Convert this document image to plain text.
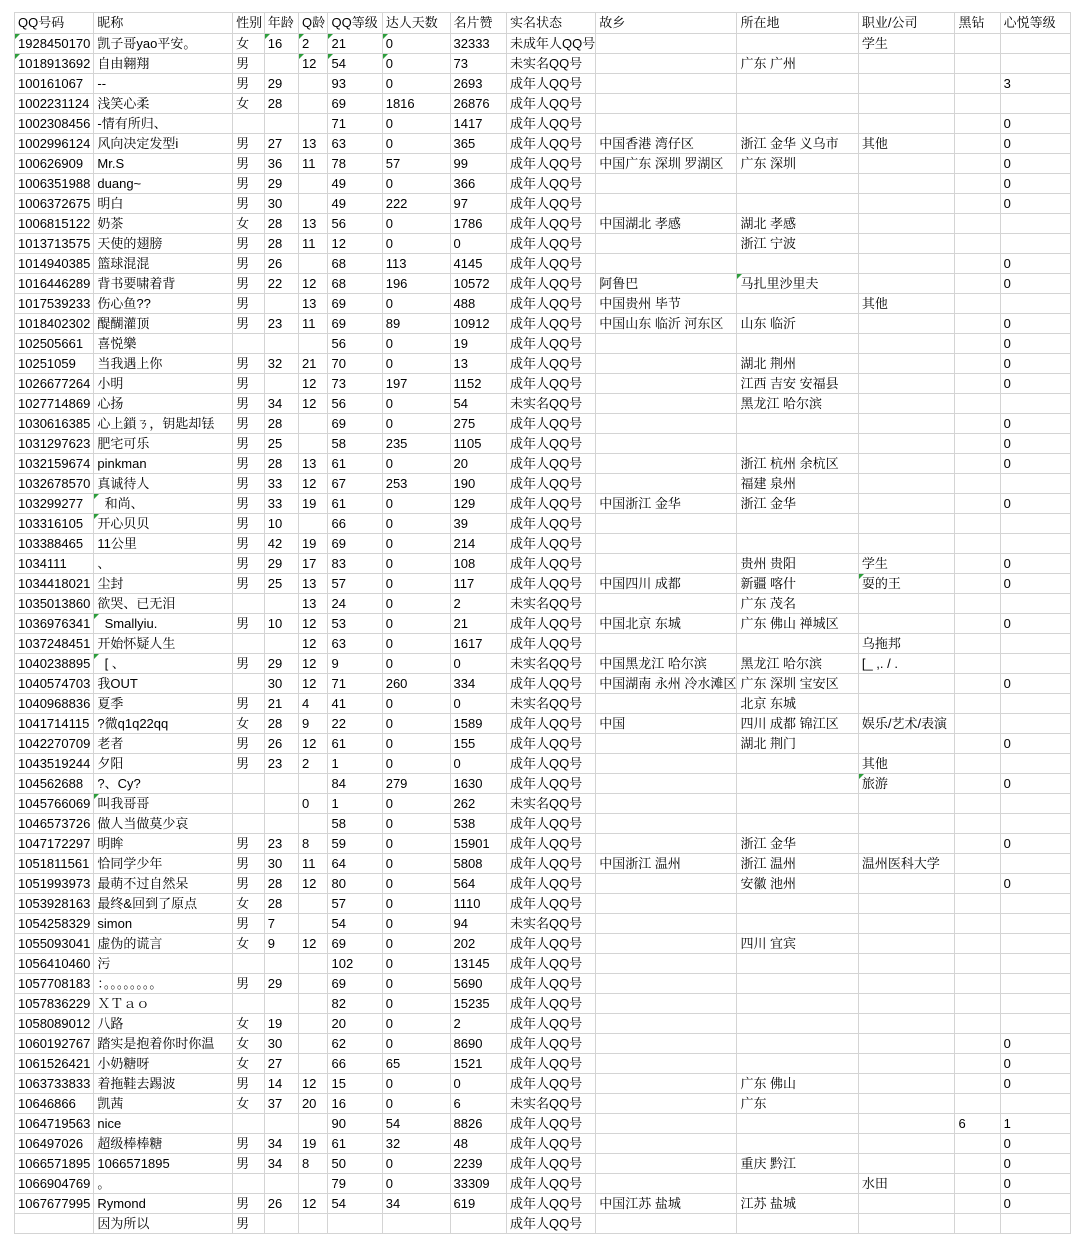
QQ号码	昵称	性别	年龄	Q龄	QQ等级	达人天数	名片赞	实名状态	故乡	所在地	职业/公司	黑钻	心悦等级

1928450170	凯子哥yao平安。	女	16	2	21	0	32333	未成年人QQ号			学生		

1018913692	自由翱翔	男		12	54	0	73	未实名QQ号		广东 广州			
100161067	--	男	29		93	0	2693	成年人QQ号					3
1002231124	浅笑心柔	女	28		69	1816	26876	成年人QQ号					
1002308456	-情有所归、				71	0	1417	成年人QQ号					0
1002996124	风向决定发型i	男	27	13	63	0	365	成年人QQ号	中国香港 湾仔区	浙江 金华 义乌市	其他		0
100626909	Mr.S	男	36	11	78	57	99	成年人QQ号	中国广东 深圳 罗湖区	广东 深圳			0
1006351988	duang~	男	29		49	0	366	成年人QQ号					0
1006372675	明白	男	30		49	222	97	成年人QQ号					0
1006815122	奶茶	女	28	13	56	0	1786	成年人QQ号	中国湖北 孝感	湖北 孝感			
1013713575	天使的翅膀	男	28	11	12	0	0	成年人QQ号		浙江 宁波			
1014940385	篮球混混	男	26		68	113	4145	成年人QQ号					0
1016446289	背书要啸着背	男	22	12	68	196	10572	成年人QQ号	阿鲁巴	马扎里沙里夫			0
1017539233	伤心鱼??	男		13	69	0	488	成年人QQ号	中国贵州 毕节		其他		
1018402302	醍醐灌顶	男	23	11	69	89	10912	成年人QQ号	中国山东 临沂 河东区	山东 临沂			0
102505661	喜悦樂				56	0	19	成年人QQ号					0
10251059	当我遇上你	男	32	21	70	0	13	成年人QQ号		湖北 荆州			0
1026677264	小明	男		12	73	197	1152	成年人QQ号		江西 吉安 安福县			0
1027714869	心扬	男	34	12	56	0	54	未实名QQ号		黑龙江 哈尔滨			
1030616385	心上鎖ㄋ，钥匙却铥	男	28		69	0	275	成年人QQ号					0
1031297623	肥宅可乐	男	25		58	235	1105	成年人QQ号					0
1032159674	pinkman	男	28	13	61	0	20	成年人QQ号		浙江 杭州 余杭区			0
1032678570	真诚待人	男	33	12	67	253	190	成年人QQ号		福建 泉州			
103299277	和尚、	男	33	19	61	0	129	成年人QQ号	中国浙江 金华	浙江 金华			0
103316105	开心贝贝	男	10		66	0	39	成年人QQ号					
103388465	11公里	男	42	19	69	0	214	成年人QQ号					
1034111	、	男	29	17	83	0	108	成年人QQ号		贵州 贵阳	学生		0
1034418021	尘封	男	25	13	57	0	117	成年人QQ号	中国四川 成都	新疆 喀什	耍的王		0
1035013860	欲哭、已无泪			13	24	0	2	未实名QQ号		广东 茂名			
1036976341	Smallyiu.	男	10	12	53	0	21	成年人QQ号	中国北京 东城	广东 佛山 禅城区			0
1037248451	开始怀疑人生			12	63	0	1617	成年人QQ号			乌拖邦		
1040238895	[ 、	男	29	12	9	0	0	未实名QQ号	中国黑龙江 哈尔滨	黑龙江 哈尔滨	[_ ,. / .		
1040574703	我OUT		30	12	71	260	334	成年人QQ号	中国湖南 永州 冷水滩区	广东 深圳 宝安区			0
1040968836	夏季	男	21	4	41	0	0	未实名QQ号		北京 东城			
1041714115	?微q1q22qq	女	28	9	22	0	1589	成年人QQ号	中国	四川 成都 锦江区	娱乐/艺术/表演		
1042270709	老者	男	26	12	61	0	155	成年人QQ号		湖北 荆门			0
1043519244	夕阳	男	23	2	1	0	0	成年人QQ号			其他		
104562688	?、Cy?				84	279	1630	成年人QQ号			旅游		0
1045766069	叫我哥哥			0	1	0	262	未实名QQ号					
1046573726	做人当做莫少哀				58	0	538	成年人QQ号					
1047172297	明眸	男	23	8	59	0	15901	成年人QQ号		浙江 金华			0
1051811561	恰同学少年	男	30	11	64	0	5808	成年人QQ号	中国浙江 温州	浙江 温州	温州医科大学		
1051993973	最萌不过自然呆	男	28	12	80	0	564	成年人QQ号		安徽 池州			0
1053928163	最终&回到了原点	女	28		57	0	1110	成年人QQ号					
1054258329	simon	男	7		54	0	94	未实名QQ号					
1055093041	虚伪的谎言	女	9	12	69	0	202	成年人QQ号		四川 宜宾			
1056410460	污				102	0	13145	成年人QQ号					
1057708183	：。。。。。。。。	男	29		69	0	5690	成年人QQ号					
1057836229	ＸＴａｏ				82	0	15235	成年人QQ号					
1058089012	八路	女	19		20	0	2	成年人QQ号					
1060192767	踏实是抱着你时你温	女	30		62	0	8690	成年人QQ号					0
1061526421	小奶糖呀	女	27		66	65	1521	成年人QQ号					0
1063733833	着拖鞋去踢波	男	14	12	15	0	0	成年人QQ号		广东 佛山			0
10646866	凯茜	女	37	20	16	0	6	未实名QQ号		广东			
1064719563	nice				90	54	8826	成年人QQ号				6	1
106497026	超级棒棒糖	男	34	19	61	32	48	成年人QQ号					0
1066571895	1066571895	男	34	8	50	0	2239	成年人QQ号		重庆 黔江			0
1066904769	。				79	0	33309	成年人QQ号			水田		0
1067677995	Rymond	男	26	12	54	34	619	成年人QQ号	中国江苏 盐城	江苏 盐城			0
	因为所以	男						成年人QQ号					
